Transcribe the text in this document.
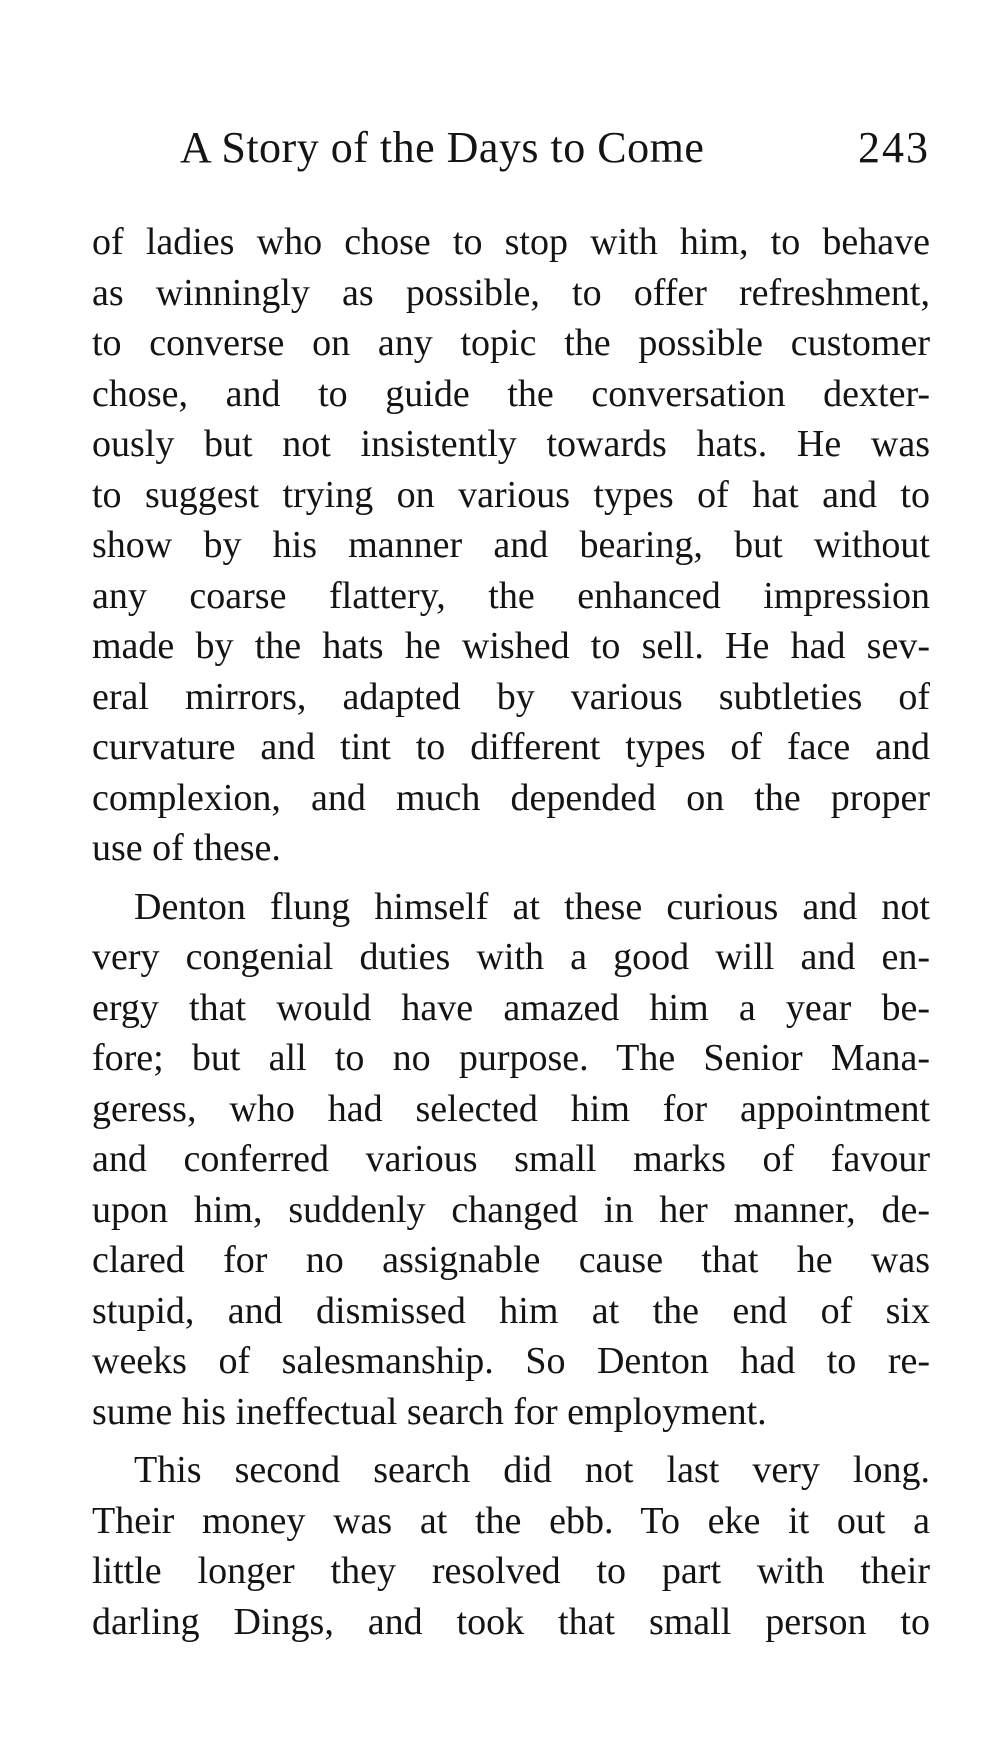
A Story of the Days to Come	243
of ladies who chose to stop with him, to behave
as winningly as possible, to offer refreshment,
to converse on any topic the possible customer
chose, and to guide the conversation dexter-
ously but not insistently towards hats. He was
to suggest trying on various types of hat and to
show by his manner and bearing, but without
any coarse flattery, the enhanced impression
made by the hats he wished to sell. He had sev-
eral mirrors, adapted by various subtleties of
curvature and tint to different types of face and
complexion, and much depended on the proper
use of these.
Denton flung himself at these curious and not
very congenial duties with a good will and en-
ergy that would have amazed him a year be-
fore; but all to no purpose. The Senior Mana-
geress, who had selected him for appointment
and conferred various small marks of favour
upon him, suddenly changed in her manner, de-
clared for no assignable cause that he was
stupid, and dismissed him at the end of six
weeks of salesmanship. So Denton had to re-
sume his ineffectual search for employment.
This second search did not last very long.
Their money was at the ebb. To eke it out a
little longer they resolved to part with their
darling Dings, and took that small person to
